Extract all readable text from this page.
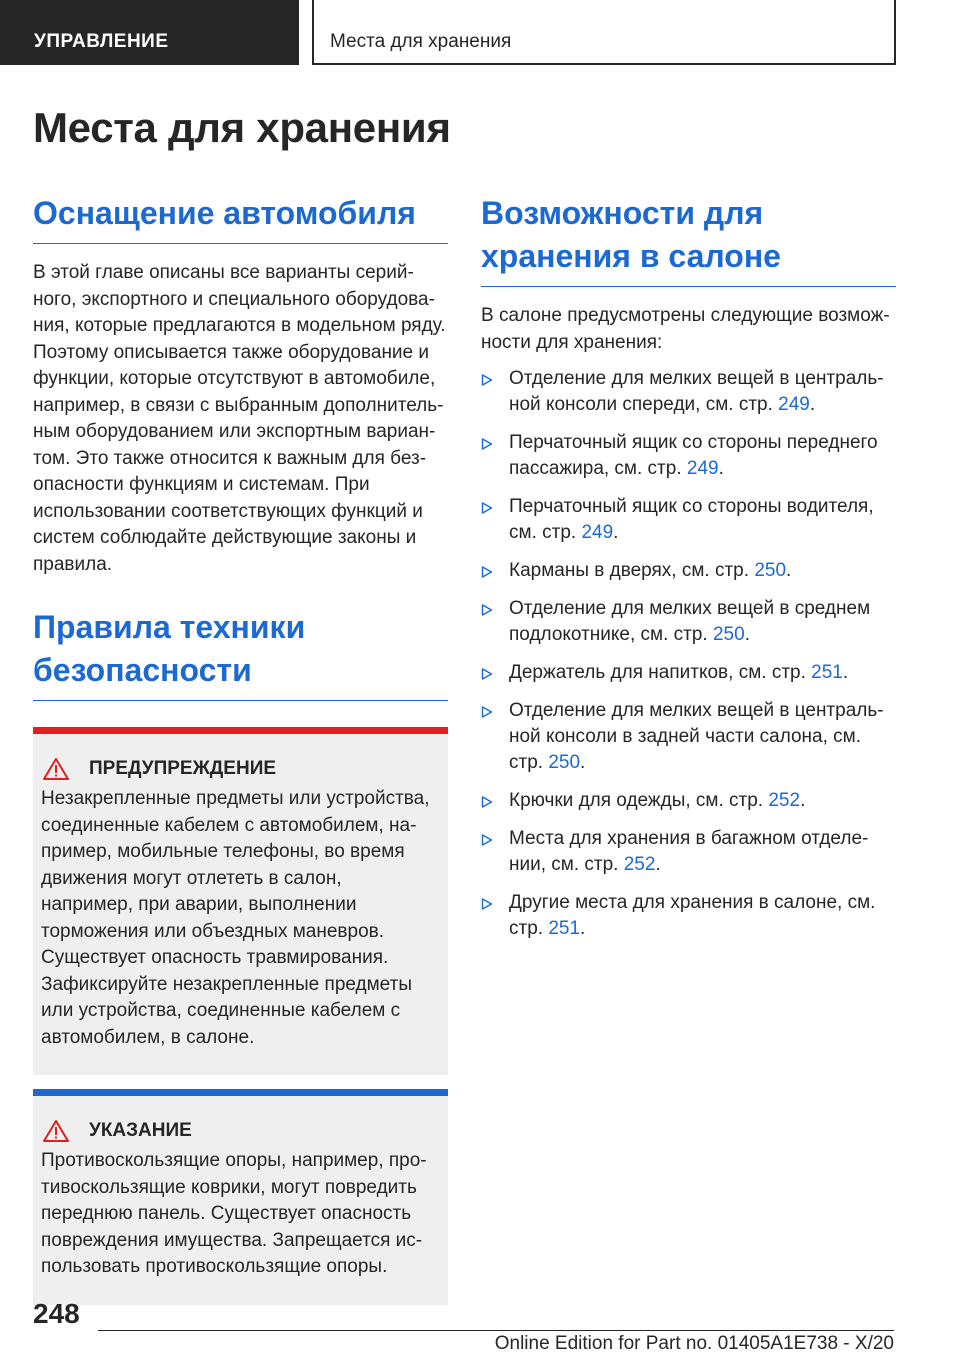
УПРАВЛЕНИЕ	Места для хранения
Места для хранения
Оснащение автомобиля

В этой главе описаны все варианты серийного, экспортного и специального оборудования, которые предлагаются в модельном ряду. Поэтому описывается также оборудование и функции, которые отсутствуют в автомобиле, например, в связи с выбранным дополнительным оборудованием или экспортным вариантом. Это также относится к важным для безопасности функциям и системам. При использовании соответствующих функций и систем соблюдайте действующие законы и правила.

Правила техники безопасности
ПРЕДУПРЕЖДЕНИЕ

Незакрепленные предметы или устройства, соединенные кабелем с автомобилем, например, мобильные телефоны, во время движения могут отлететь в салон, например, при аварии, выполнении торможения или объездных маневров. Существует опасность травмирования. Зафиксируйте незакрепленные предметы или устройства, соединенные кабелем с автомобилем, в салоне.

УКАЗАНИЕ

Противоскользящие опоры, например, противоскользящие коврики, могут повредить переднюю панель. Существует опасность повреждения имущества. Запрещается использовать противоскользящие опоры.

Возможности для хранения в салоне

В салоне предусмотрены следующие возможности для хранения:

Отделение для мелких вещей в центральной консоли спереди, см. стр. 249.
Перчаточный ящик со стороны переднего пассажира, см. стр. 249.
Перчаточный ящик со стороны водителя, см. стр. 249.
Карманы в дверях, см. стр. 250.
Отделение для мелких вещей в среднем подлокотнике, см. стр. 250.
Держатель для напитков, см. стр. 251.
Отделение для мелких вещей в центральной консоли в задней части салона, см. стр. 250.
Крючки для одежды, см. стр. 252.
Места для хранения в багажном отделении, см. стр. 252.
Другие места для хранения в салоне, см. стр. 251.
248
Online Edition for Part no. 01405A1E738 - X/20
